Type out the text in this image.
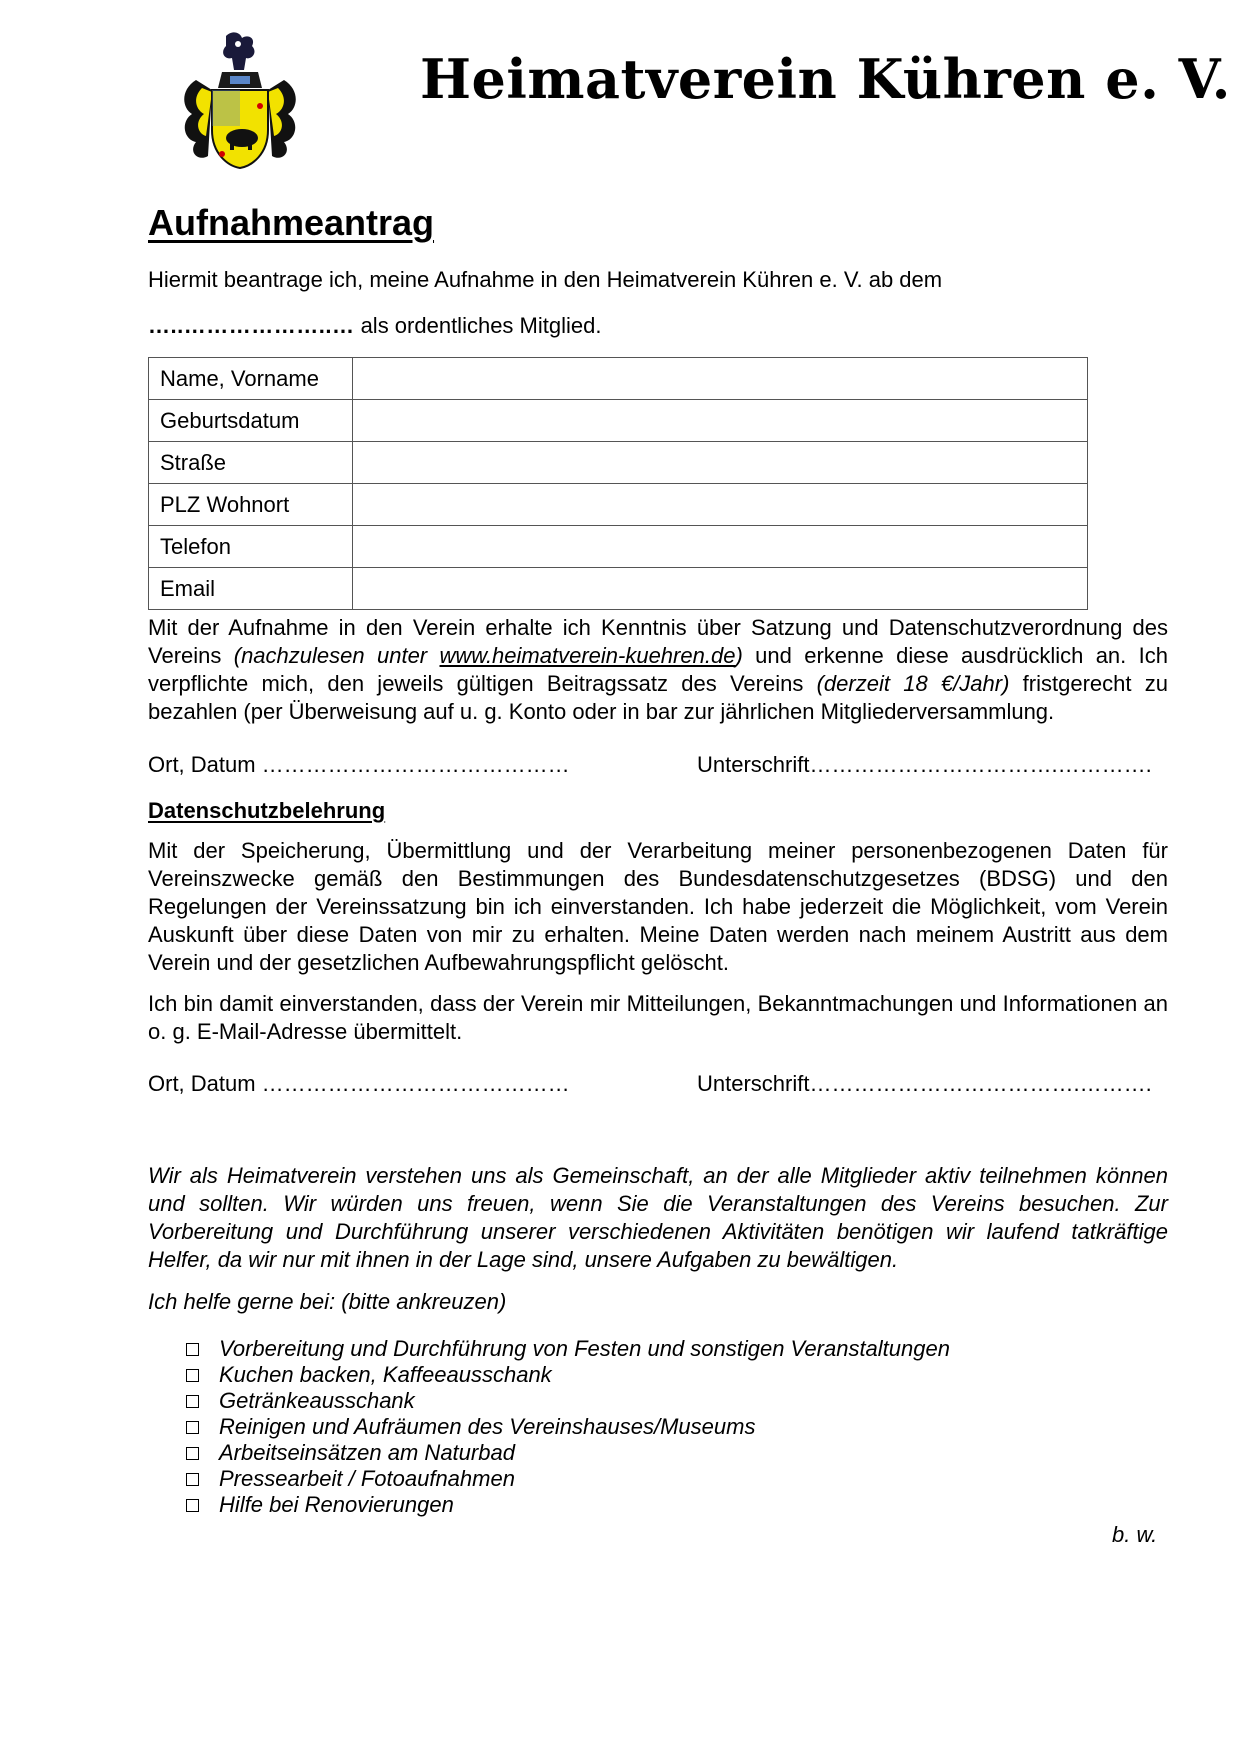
Heimatverein Kühren e. V.
Aufnahmeantrag
Hiermit beantrage ich, meine Aufnahme in den Heimatverein Kühren e. V. ab dem
…..………………..… als ordentliches Mitglied.
Name, Vorname	
Geburtsdatum	
Straße	
PLZ Wohnort	
Telefon	
Email	
Mit der Aufnahme in den Verein erhalte ich Kenntnis über Satzung und Datenschutzverordnung des Vereins (nachzulesen unter www.heimatverein-kuehren.de) und erkenne diese ausdrücklich an. Ich verpflichte mich, den jeweils gültigen Beitragssatz des Vereins (derzeit 18 €/Jahr) fristgerecht zu bezahlen (per Überweisung auf u. g. Konto oder in bar zur jährlichen Mitgliederversammlung.
Ort, Datum ……………………………………	Unterschrift…………………………….………….
Datenschutzbelehrung
Mit der Speicherung, Übermittlung und der Verarbeitung meiner personenbezogenen Daten für Vereinszwecke gemäß den Bestimmungen des Bundesdatenschutzgesetzes (BDSG) und den Regelungen der Vereinssatzung bin ich einverstanden. Ich habe jederzeit die Möglichkeit, vom Verein Auskunft über diese Daten von mir zu erhalten. Meine Daten werden nach meinem Austritt aus dem Verein und der gesetzlichen Aufbewahrungspflicht gelöscht.
Ich bin damit einverstanden, dass der Verein mir Mitteilungen, Bekanntmachungen und Informationen an o. g. E-Mail-Adresse übermittelt.
Ort, Datum ……………………………………	Unterschrift……………………………….……….
Wir als Heimatverein verstehen uns als Gemeinschaft, an der alle Mitglieder aktiv teilnehmen können und sollten. Wir würden uns freuen, wenn Sie die Veranstaltungen des Vereins besuchen. Zur Vorbereitung und Durchführung unserer verschiedenen Aktivitäten benötigen wir laufend tatkräftige Helfer, da wir nur mit ihnen in der Lage sind, unsere Aufgaben zu bewältigen.
Ich helfe gerne bei: (bitte ankreuzen)
Vorbereitung und Durchführung von Festen und sonstigen Veranstaltungen
Kuchen backen, Kaffeeausschank
Getränkeausschank
Reinigen und Aufräumen des Vereinshauses/Museums
Arbeitseinsätzen am Naturbad
Pressearbeit / Fotoaufnahmen
Hilfe bei Renovierungen
b. w.
